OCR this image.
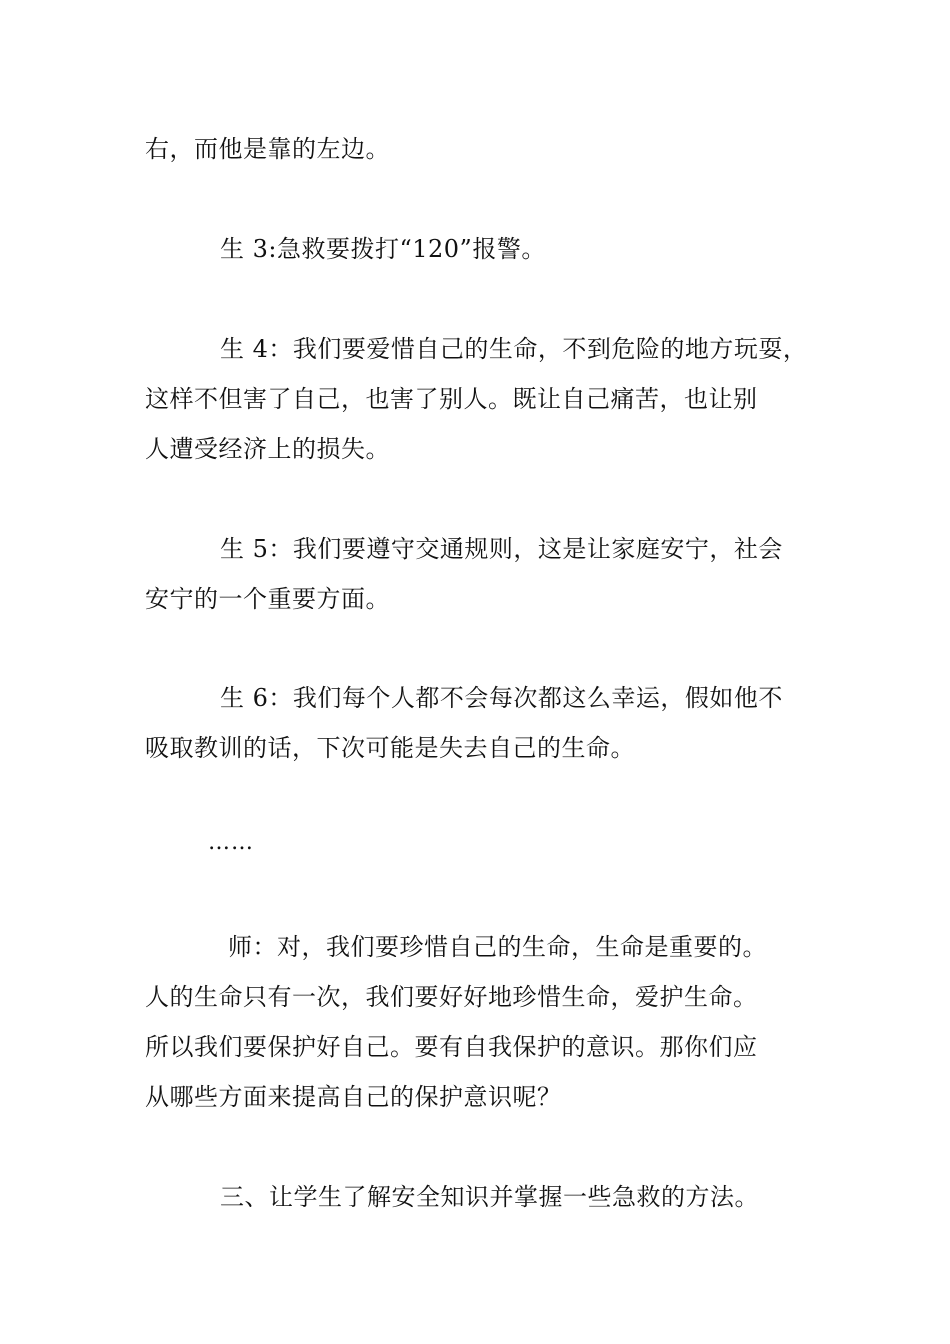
右，而他是靠的左边。
生 3:急救要拨打“120”报警。
生 4：我们要爱惜自己的生命，不到危险的地方玩耍，
这样不但害了自己，也害了别人。既让自己痛苦，也让别
人遭受经济上的损失。
生 5：我们要遵守交通规则，这是让家庭安宁，社会
安宁的一个重要方面。
生 6：我们每个人都不会每次都这么幸运，假如他不
吸取教训的话，下次可能是失去自己的生命。
……
师：对，我们要珍惜自己的生命，生命是重要的。
人的生命只有一次，我们要好好地珍惜生命，爱护生命。
所以我们要保护好自己。要有自我保护的意识。那你们应
从哪些方面来提高自己的保护意识呢？
三、让学生了解安全知识并掌握一些急救的方法。
